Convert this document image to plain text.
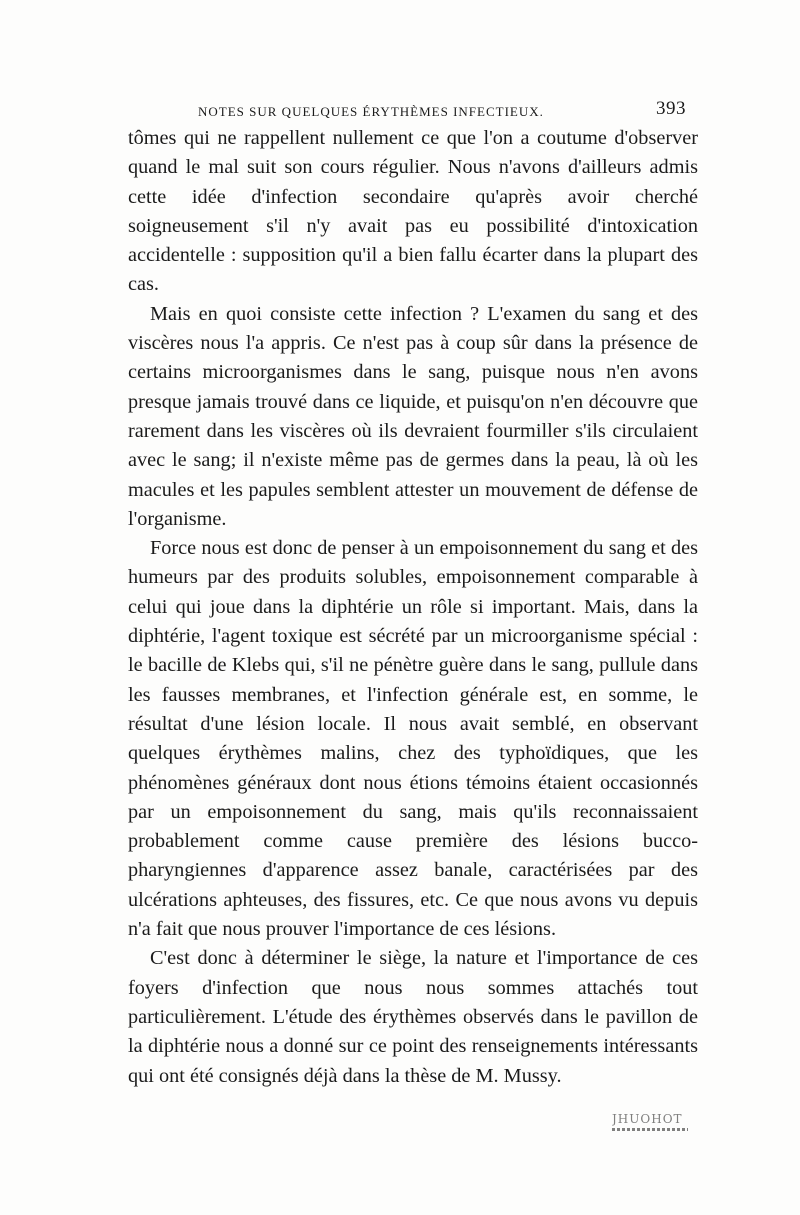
NOTES SUR QUELQUES ÉRYTHÈMES INFECTIEUX.	393

tômes qui ne rappellent nullement ce que l'on a coutume d'observer quand le mal suit son cours régulier. Nous n'avons d'ailleurs admis cette idée d'infection secondaire qu'après avoir cherché soigneusement s'il n'y avait pas eu possibilité d'intoxication accidentelle : supposition qu'il a bien fallu écarter dans la plupart des cas.

Mais en quoi consiste cette infection ? L'examen du sang et des viscères nous l'a appris. Ce n'est pas à coup sûr dans la présence de certains microorganismes dans le sang, puisque nous n'en avons presque jamais trouvé dans ce liquide, et puisqu'on n'en découvre que rarement dans les viscères où ils devraient fourmiller s'ils circulaient avec le sang; il n'existe même pas de germes dans la peau, là où les macules et les papules semblent attester un mouvement de défense de l'organisme.

Force nous est donc de penser à un empoisonnement du sang et des humeurs par des produits solubles, empoisonnement comparable à celui qui joue dans la diphtérie un rôle si important. Mais, dans la diphtérie, l'agent toxique est sécrété par un microorganisme spécial : le bacille de Klebs qui, s'il ne pénètre guère dans le sang, pullule dans les fausses membranes, et l'infection générale est, en somme, le résultat d'une lésion locale. Il nous avait semblé, en observant quelques érythèmes malins, chez des typhoïdiques, que les phénomènes généraux dont nous étions témoins étaient occasionnés par un empoisonnement du sang, mais qu'ils reconnaissaient probablement comme cause première des lésions bucco-pharyngiennes d'apparence assez banale, caractérisées par des ulcérations aphteuses, des fissures, etc. Ce que nous avons vu depuis n'a fait que nous prouver l'importance de ces lésions.

C'est donc à déterminer le siège, la nature et l'importance de ces foyers d'infection que nous nous sommes attachés tout particulièrement. L'étude des érythèmes observés dans le pavillon de la diphtérie nous a donné sur ce point des renseignements intéressants qui ont été consignés déjà dans la thèse de M. Mussy.

JHUOHOT
